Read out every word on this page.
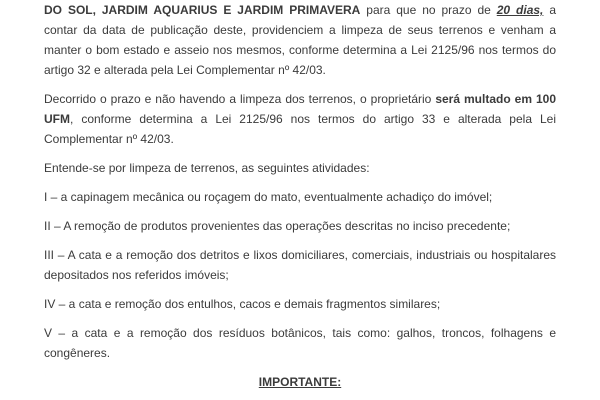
DO SOL, JARDIM AQUARIUS E JARDIM PRIMAVERA para que no prazo de 20 dias, a contar da data de publicação deste, providenciem a limpeza de seus terrenos e venham a manter o bom estado e asseio nos mesmos, conforme determina a Lei 2125/96 nos termos do artigo 32 e alterada pela Lei Complementar nº 42/03.

Decorrido o prazo e não havendo a limpeza dos terrenos, o proprietário será multado em 100 UFM, conforme determina a Lei 2125/96 nos termos do artigo 33 e alterada pela Lei Complementar nº 42/03.

Entende-se por limpeza de terrenos, as seguintes atividades:

I – a capinagem mecânica ou roçagem do mato, eventualmente achadiço do imóvel;

II – A remoção de produtos provenientes das operações descritas no inciso precedente;

III – A cata e a remoção dos detritos e lixos domiciliares, comerciais, industriais ou hospitalares depositados nos referidos imóveis;

IV – a cata e remoção dos entulhos, cacos e demais fragmentos similares;

V – a cata e a remoção dos resíduos botânicos, tais como: galhos, troncos, folhagens e congêneres.

IMPORTANTE:
